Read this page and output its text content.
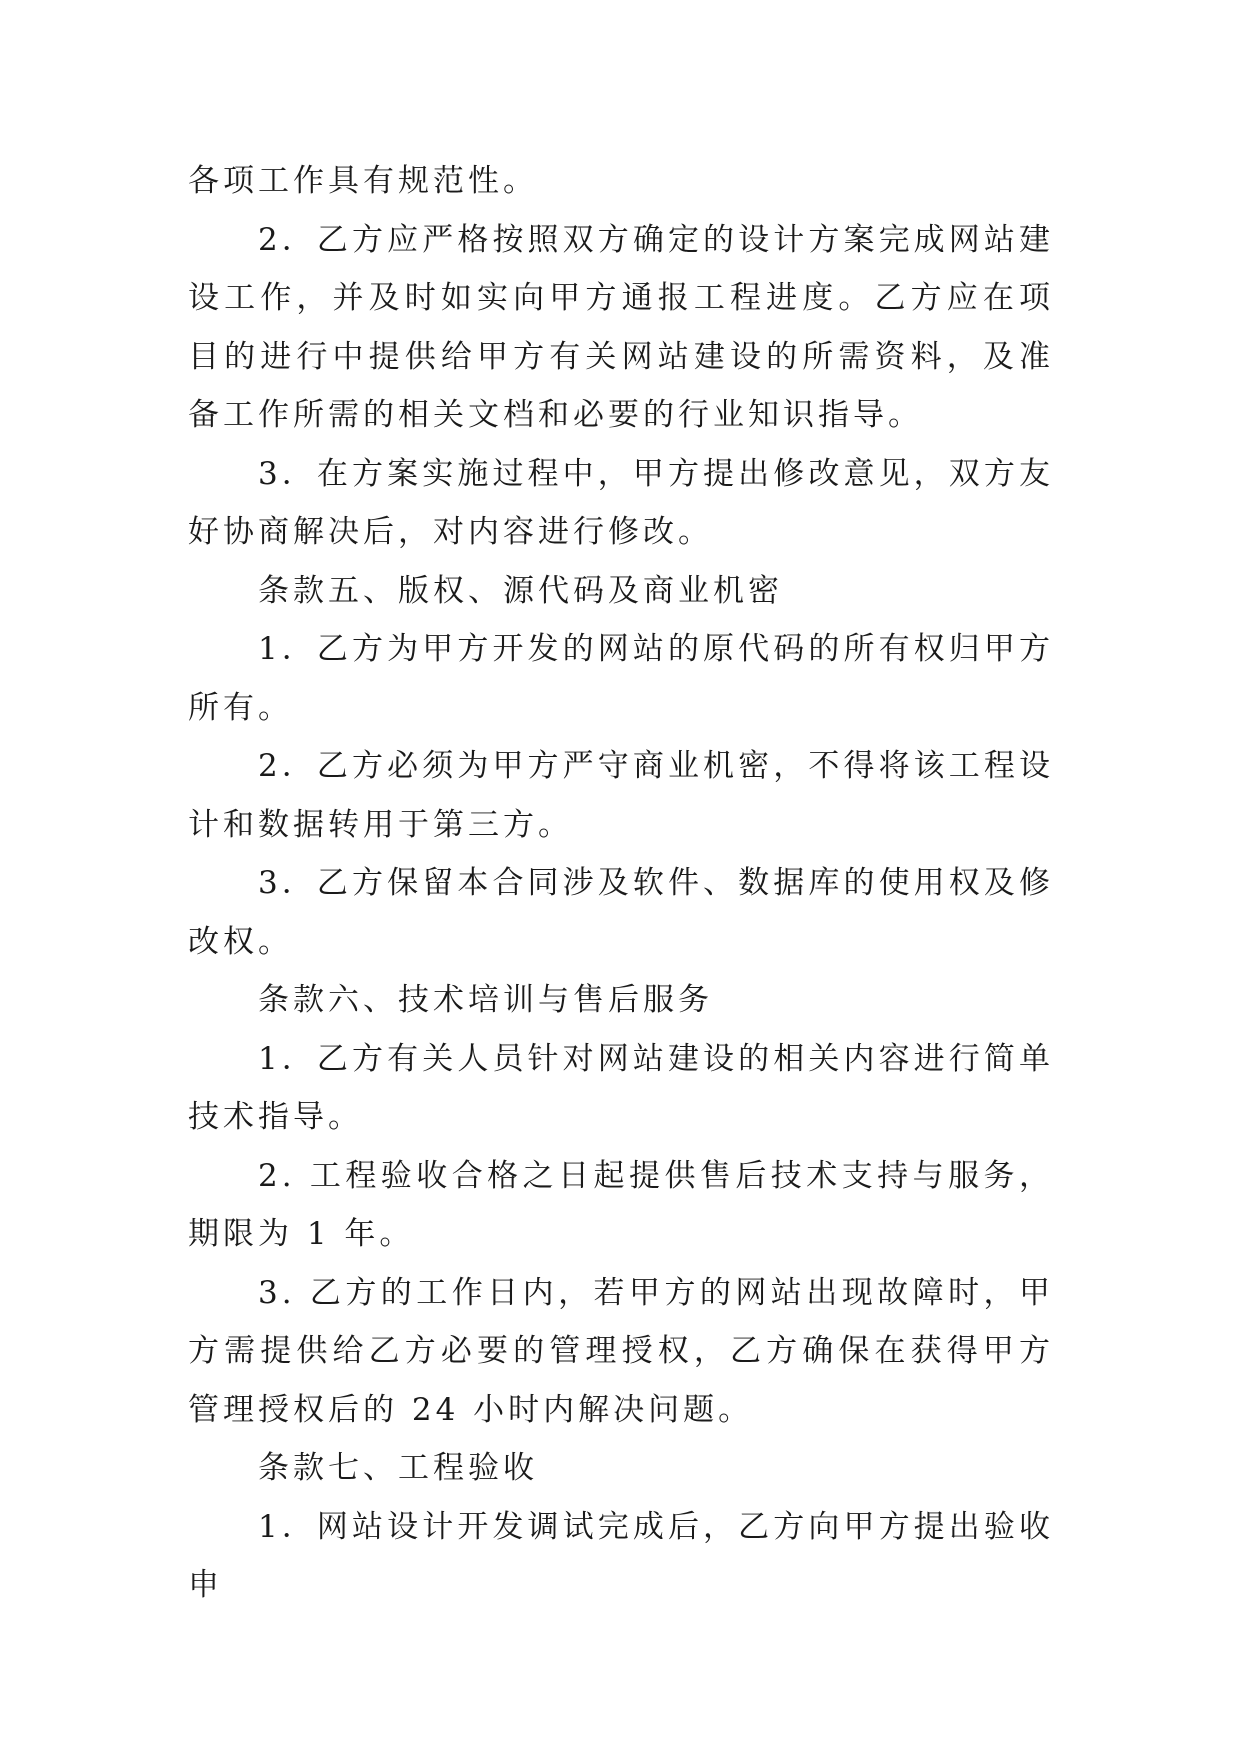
各项工作具有规范性。

2．乙方应严格按照双方确定的设计方案完成网站建设工作，并及时如实向甲方通报工程进度。乙方应在项目的进行中提供给甲方有关网站建设的所需资料，及准备工作所需的相关文档和必要的行业知识指导。

3．在方案实施过程中，甲方提出修改意见，双方友好协商解决后，对内容进行修改。

条款五、版权、源代码及商业机密

1．乙方为甲方开发的网站的原代码的所有权归甲方所有。

2．乙方必须为甲方严守商业机密，不得将该工程设计和数据转用于第三方。

3．乙方保留本合同涉及软件、数据库的使用权及修改权。

条款六、技术培训与售后服务

1．乙方有关人员针对网站建设的相关内容进行简单技术指导。

2. 工程验收合格之日起提供售后技术支持与服务，期限为 1 年。

3. 乙方的工作日内，若甲方的网站出现故障时，甲方需提供给乙方必要的管理授权，乙方确保在获得甲方管理授权后的 24 小时内解决问题。

条款七、工程验收

1．网站设计开发调试完成后，乙方向甲方提出验收申
